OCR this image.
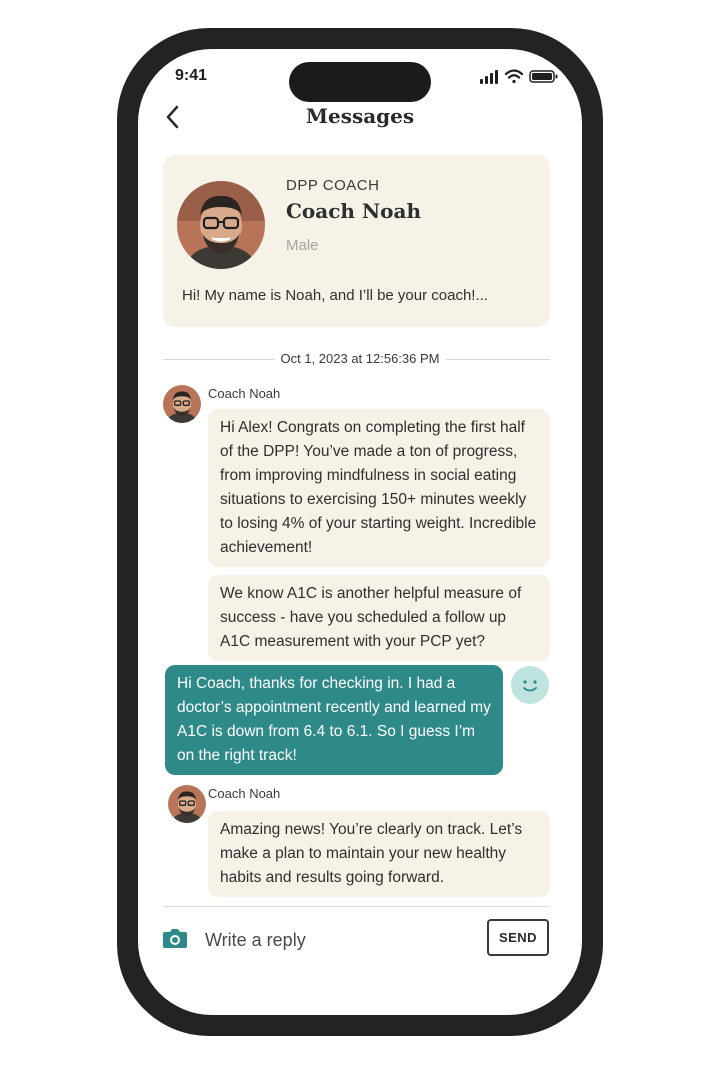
9:41
Messages
DPP COACH
Coach Noah
Male
Hi! My name is Noah, and I’ll be your coach!...
Oct 1, 2023 at 12:56:36 PM
Coach Noah
Hi Alex! Congrats on completing the first half of the DPP! You’ve made a ton of progress, from improving mindfulness in social eating situations to exercising 150+ minutes weekly to losing 4% of your starting weight. Incredible achievement!
We know A1C is another helpful measure of success - have you scheduled a follow up A1C measurement with your PCP yet?
Hi Coach, thanks for checking in. I had a doctor’s appointment recently and learned my A1C is down from 6.4 to 6.1. So I guess I’m on the right track!
Coach Noah
Amazing news! You’re clearly on track. Let’s make a plan to maintain your new healthy habits and results going forward.
Write a reply
SEND
